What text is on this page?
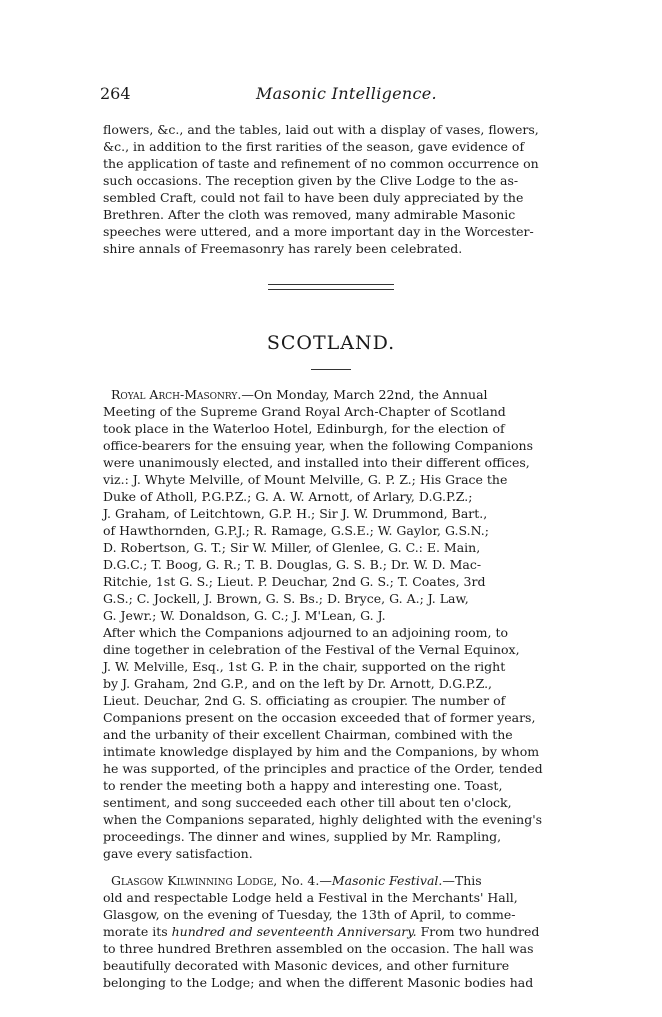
264	Masonic Intelligence.
flowers, &c., and the tables, laid out with a display of vases, flowers,
&c., in addition to the first rarities of the season, gave evidence of
the application of taste and refinement of no common occurrence on
such occasions. The reception given by the Clive Lodge to the as-
sembled Craft, could not fail to have been duly appreciated by the
Brethren. After the cloth was removed, many admirable Masonic
speeches were uttered, and a more important day in the Worcester-
shire annals of Freemasonry has rarely been celebrated.
SCOTLAND.
Royal Arch-Masonry.—On Monday, March 22nd, the Annual
Meeting of the Supreme Grand Royal Arch-Chapter of Scotland
took place in the Waterloo Hotel, Edinburgh, for the election of
office-bearers for the ensuing year, when the following Companions
were unanimously elected, and installed into their different offices,
viz.: J. Whyte Melville, of Mount Melville, G. P. Z.; His Grace the
Duke of Atholl, P.G.P.Z.; G. A. W. Arnott, of Arlary, D.G.P.Z.;
J. Graham, of Leitchtown, G.P. H.; Sir J. W. Drummond, Bart.,
of Hawthornden, G.P.J.; R. Ramage, G.S.E.; W. Gaylor, G.S.N.;
D. Robertson, G. T.; Sir W. Miller, of Glenlee, G. C.: E. Main,
D.G.C.; T. Boog, G. R.; T. B. Douglas, G. S. B.; Dr. W. D. Mac-
Ritchie, 1st G. S.; Lieut. P. Deuchar, 2nd G. S.; T. Coates, 3rd
G.S.; C. Jockell, J. Brown, G. S. Bs.; D. Bryce, G. A.; J. Law,
G. Jewr.; W. Donaldson, G. C.; J. M'Lean, G. J.
After which the Companions adjourned to an adjoining room, to
dine together in celebration of the Festival of the Vernal Equinox,
J. W. Melville, Esq., 1st G. P. in the chair, supported on the right
by J. Graham, 2nd G.P., and on the left by Dr. Arnott, D.G.P.Z.,
Lieut. Deuchar, 2nd G. S. officiating as croupier. The number of
Companions present on the occasion exceeded that of former years,
and the urbanity of their excellent Chairman, combined with the
intimate knowledge displayed by him and the Companions, by whom
he was supported, of the principles and practice of the Order, tended
to render the meeting both a happy and interesting one. Toast,
sentiment, and song succeeded each other till about ten o'clock,
when the Companions separated, highly delighted with the evening's
proceedings. The dinner and wines, supplied by Mr. Rampling,
gave every satisfaction.
Glasgow Kilwinning Lodge, No. 4.—Masonic Festival.—This
old and respectable Lodge held a Festival in the Merchants' Hall,
Glasgow, on the evening of Tuesday, the 13th of April, to comme-
morate its hundred and seventeenth Anniversary. From two hundred
to three hundred Brethren assembled on the occasion. The hall was
beautifully decorated with Masonic devices, and other furniture
belonging to the Lodge; and when the different Masonic bodies had
